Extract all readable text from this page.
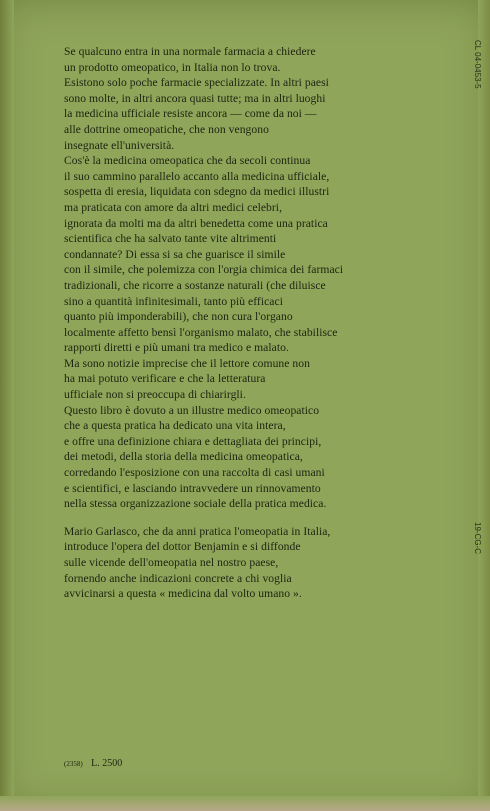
Se qualcuno entra in una normale farmacia a chiedere
un prodotto omeopatico, in Italia non lo trova.
Esistono solo poche farmacie specializzate. In altri paesi
sono molte, in altri ancora quasi tutte; ma in altri luoghi
la medicina ufficiale resiste ancora — come da noi —
alle dottrine omeopatiche, che non vengono
insegnate ell'università.
Cos'è la medicina omeopatica che da secoli continua
il suo cammino parallelo accanto alla medicina ufficiale,
sospetta di eresia, liquidata con sdegno da medici illustri
ma praticata con amore da altri medici celebri,
ignorata da molti ma da altri benedetta come una pratica
scientifica che ha salvato tante vite altrimenti
condannate? Di essa si sa che guarisce il simile
con il simile, che polemizza con l'orgia chimica dei farmaci
tradizionali, che ricorre a sostanze naturali (che diluisce
sino a quantità infinitesimali, tanto più efficaci
quanto più imponderabili), che non cura l'organo
localmente affetto bensì l'organismo malato, che stabilisce
rapporti diretti e più umani tra medico e malato.
Ma sono notizie imprecise che il lettore comune non
ha mai potuto verificare e che la letteratura
ufficiale non si preoccupa di chiarirgli.
Questo libro è dovuto a un illustre medico omeopatico
che a questa pratica ha dedicato una vita intera,
e offre una definizione chiara e dettagliata dei principi,
dei metodi, della storia della medicina omeopatica,
corredando l'esposizione con una raccolta di casi umani
e scientifici, e lasciando intravvedere un rinnovamento
nella stessa organizzazione sociale della pratica medica.
Mario Garlasco, che da anni pratica l'omeopatia in Italia,
introduce l'opera del dottor Benjamin e si diffonde
sulle vicende dell'omeopatia nel nostro paese,
fornendo anche indicazioni concrete a chi voglia
avvicinarsi a questa « medicina dal volto umano ».
CL 04-0453-5
19-CG-C
(2358) L. 2500
